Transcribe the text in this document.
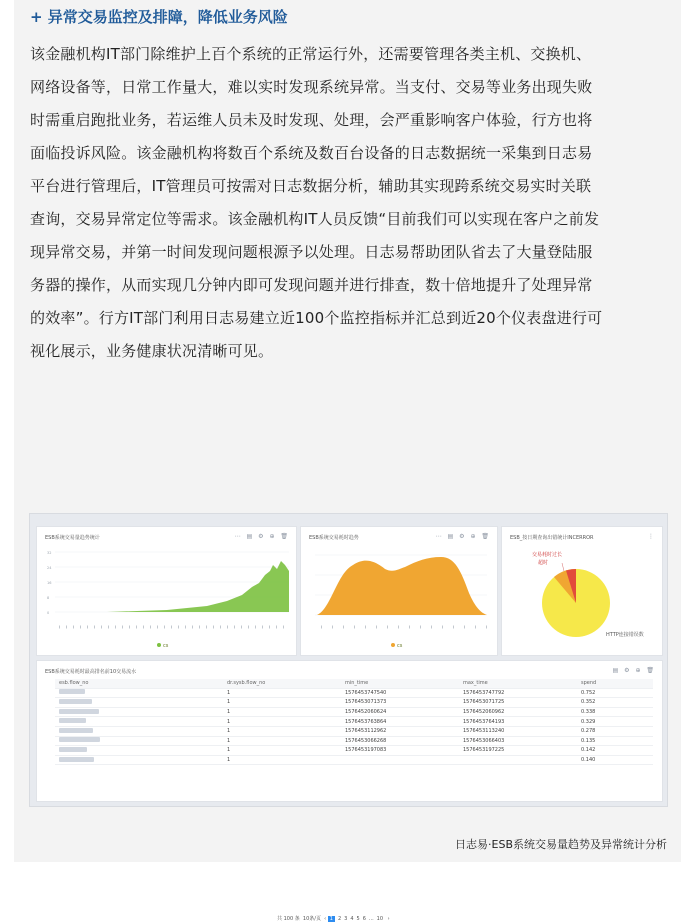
+ 异常交易监控及排障，降低业务风险
该金融机构IT部门除维护上百个系统的正常运行外，还需要管理各类主机、交换机、
网络设备等，日常工作量大，难以实时发现系统异常。当支付、交易等业务出现失败
时需重启跑批业务，若运维人员未及时发现、处理，会严重影响客户体验，行方也将
面临投诉风险。该金融机构将数百个系统及数百台设备的日志数据统一采集到日志易
平台进行管理后，IT管理员可按需对日志数据分析，辅助其实现跨系统交易实时关联
查询，交易异常定位等需求。该金融机构IT人员反馈“目前我们可以实现在客户之前发
现异常交易，并第一时间发现问题根源予以处理。日志易帮助团队省去了大量登陆服
务器的操作，从而实现几分钟内即可发现问题并进行排查，数十倍地提升了处理异常
的效率”。行方IT部门利用日志易建立近100个监控指标并汇总到近20个仪表盘进行可
视化展示，业务健康状况清晰可见。
ESB系统交易量趋势统计	⋯ ▤ ⚙ ⊕ 🗑
32
24
16
8
0
cs
ESB系统交易耗时趋势	⋯ ▤ ⚙ ⊕ 🗑
cs
ESB_按日期查询出错统计INCERROR	⋮
交易耗时过长
超时
HTTP连接错误数
ESB系统交易耗时最高排名前10交易流水	▤ ⚙ ⊕ 🗑
esb.flow_no	dr.sysb.flow_no	min_time	max_time	spend
	1	1576453747540	1576453747792	0.752
	1	1576453071373	1576453071725	0.352
	1	1576452060624	1576452060962	0.338
	1	1576453763864	1576453764193	0.329
	1	1576453112962	1576453113240	0.278
	1	1576453066268	1576453066403	0.135
	1	1576453197083	1576453197225	0.142
	1			0.140
共 100 条 10条/页 ‹ 1 2 3 4 5 6 ... 10 ›
日志易·ESB系统交易量趋势及异常统计分析
